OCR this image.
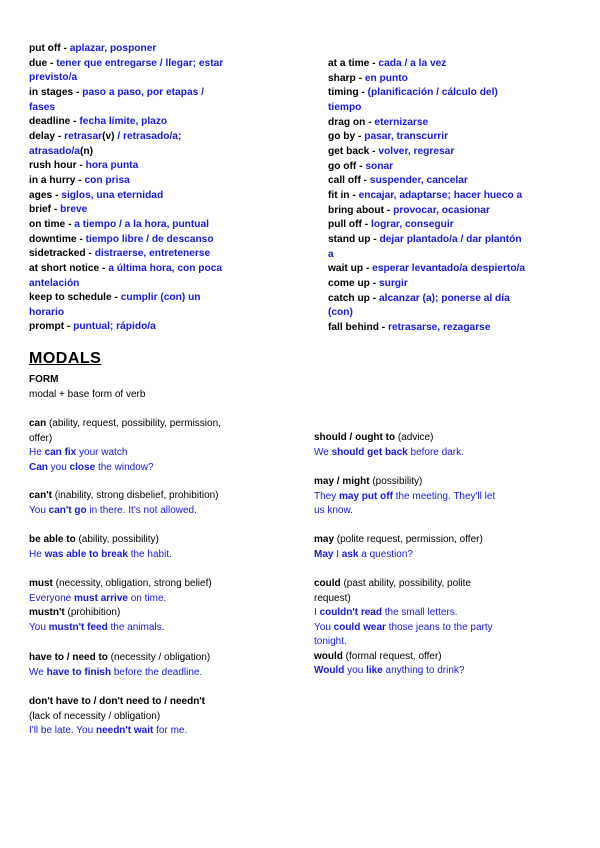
put off - aplazar, posponer
due - tener que entregarse / llegar; estar
previsto/a
in stages - paso a paso, por etapas /
fases
deadline - fecha límite, plazo
delay - retrasar(v) / retrasado/a;
atrasado/a(n)
rush hour - hora punta
in a hurry - con prisa
ages - siglos, una eternidad
brief - breve
on time - a tiempo / a la hora, puntual
downtime - tiempo libre / de descanso
sidetracked - distraerse, entretenerse
at short notice - a última hora, con poca
antelación
keep to schedule - cumplir (con) un
horario
prompt - puntual; rápido/a
at a time - cada / a la vez
sharp - en punto
timing - (planificación / cálculo del)
tiempo
drag on - eternizarse
go by - pasar, transcurrir
get back - volver, regresar
go off - sonar
call off - suspender, cancelar
fit in - encajar, adaptarse; hacer hueco a
bring about - provocar, ocasionar
pull off - lograr, conseguir
stand up - dejar plantado/a / dar plantón
a
wait up - esperar levantado/a despierto/a
come up - surgir
catch up - alcanzar (a); ponerse al día
(con)
fall behind - retrasarse, rezagarse
MODALS
FORM
modal + base form of verb

can (ability, request, possibility, permission,

offer)

He can fix your watch

Can you close the window?

can't (inability, strong disbelief, prohibition)

You can't go in there. It's not allowed.

be able to (ability, possibility)

He was able to break the habit.

must (necessity, obligation, strong belief)

Everyone must arrive on time.

mustn't (prohibition)

You mustn't feed the animals.

have to / need to (necessity / obligation)

We have to finish before the deadline.

don't have to / don't need to / needn't

(lack of necessity / obligation)

I'll be late. You needn't wait for me.

should / ought to (advice)

We should get back before dark.

may / might (possibility)

They may put off the meeting. They'll let

us know.

may (polite request, permission, offer)

May I ask a question?

could (past ability, possibility, polite

request)

I couldn't read the small letters.

You could wear those jeans to the party

tonight.

would (formal request, offer)

Would you like anything to drink?
